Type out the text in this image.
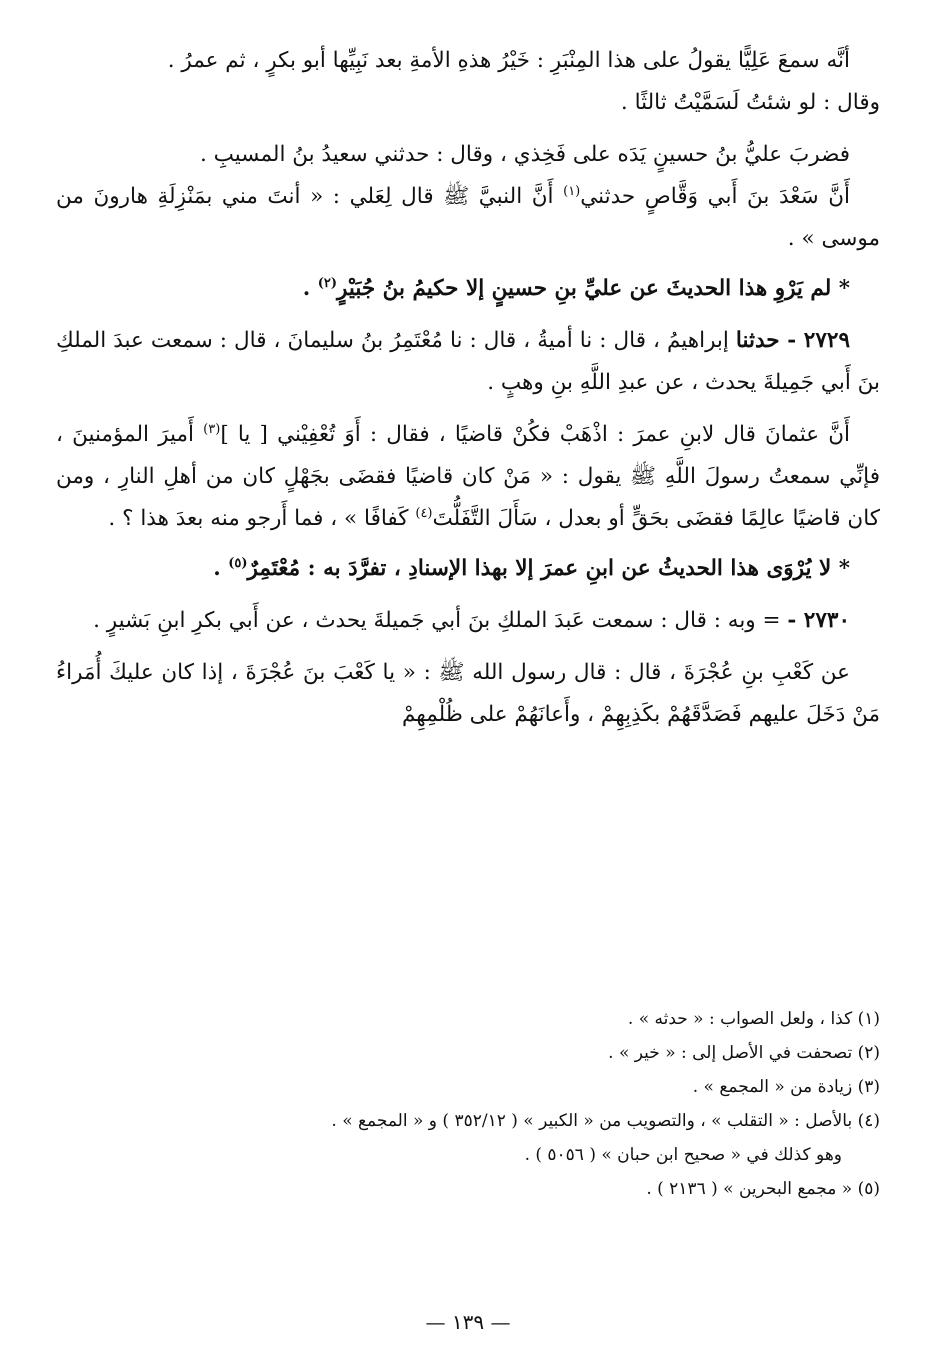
أنَّه سمعَ عَلِيًّا يقولُ على هذا المِنْبَرِ : خَيْرُ هذهِ الأمةِ بعد نَبِيِّها أبو بكرٍ ، ثم عمرُ .

وقال : لو شئتُ لَسَمَّيْتُ ثالثًا .

فضربَ عليُّ بنُ حسينٍ يَدَه على فَخِذي ، وقال : حدثني سعيدُ بنُ المسيبِ .

أَنَّ سَعْدَ بنَ أَبي وَقَّاصٍ حدثني$^{(١)}$ أَنَّ النبيَّ ﷺ قال لِعَلي : « أنتَ مني بمَنْزِلَةِ هارونَ من موسى » .

* لم يَرْوِ هذا الحديثَ عن عليِّ بنِ حسينٍ إلا حكيمُ بنُ جُبَيْرٍ$^{(٢)}$ .

٢٧٢٩ - حدثنا إبراهيمُ ، قال : نا أميةُ ، قال : نا مُعْتَمِرُ بنُ سليمانَ ، قال : سمعت عبدَ الملكِ بنَ أَبي جَمِيلةَ يحدث ، عن عبدِ اللَّهِ بنِ وهبٍ .

أَنَّ عثمانَ قال لابنِ عمرَ : اذْهَبْ فكُنْ قاضيًا ، فقال : أَوَ تُعْفِيْني [ يا ]$^{(٣)}$ أَميرَ المؤمنينَ ، فإنِّي سمعتُ رسولَ اللَّهِ ﷺ يقول : « مَنْ كان قاضيًا فقضَى بجَهْلٍ كان من أهلِ النارِ ، ومن كان قاضيًا عالِمًا فقضَى بحَقٍّ أو بعدل ، سَأَلَ التَّفَلُّتَ$^{(٤)}$ كَفافًا » ، فما أَرجو منه بعدَ هذا ؟ .

* لا يُرْوَى هذا الحديثُ عن ابنِ عمرَ إلا بهذا الإسنادِ ، تفرَّدَ به : مُعْتَمِرٌ$^{(٥)}$ .

٢٧٣٠ - = وبه : قال : سمعت عَبدَ الملكِ بنَ أبي جَميلةَ يحدث ، عن أَبي بكرِ ابنِ بَشيرٍ .

عن كَعْبِ بنِ عُجْرَةَ ، قال : قال رسول الله ﷺ : « يا كَعْبَ بنَ عُجْرَةَ ، إذا كان عليكَ أُمَراءُ مَنْ دَخَلَ عليهم فَصَدَّقَهُمْ بكَذِبِهِمْ ، وأَعانَهُمْ على ظُلْمِهِمْ

(١) كذا ، ولعل الصواب : « حدثه » .

(٢) تصحفت في الأصل إلى : « خير » .

(٣) زيادة من « المجمع » .

(٤) بالأصل : « التقلب » ، والتصويب من « الكبير » ( ٣٥٢/١٢ ) و « المجمع » .

وهو كذلك في « صحيح ابن حبان » ( ٥٠٥٦ ) .

(٥) « مجمع البحرين » ( ٢١٣٦ ) .

— ١٣٩ —
